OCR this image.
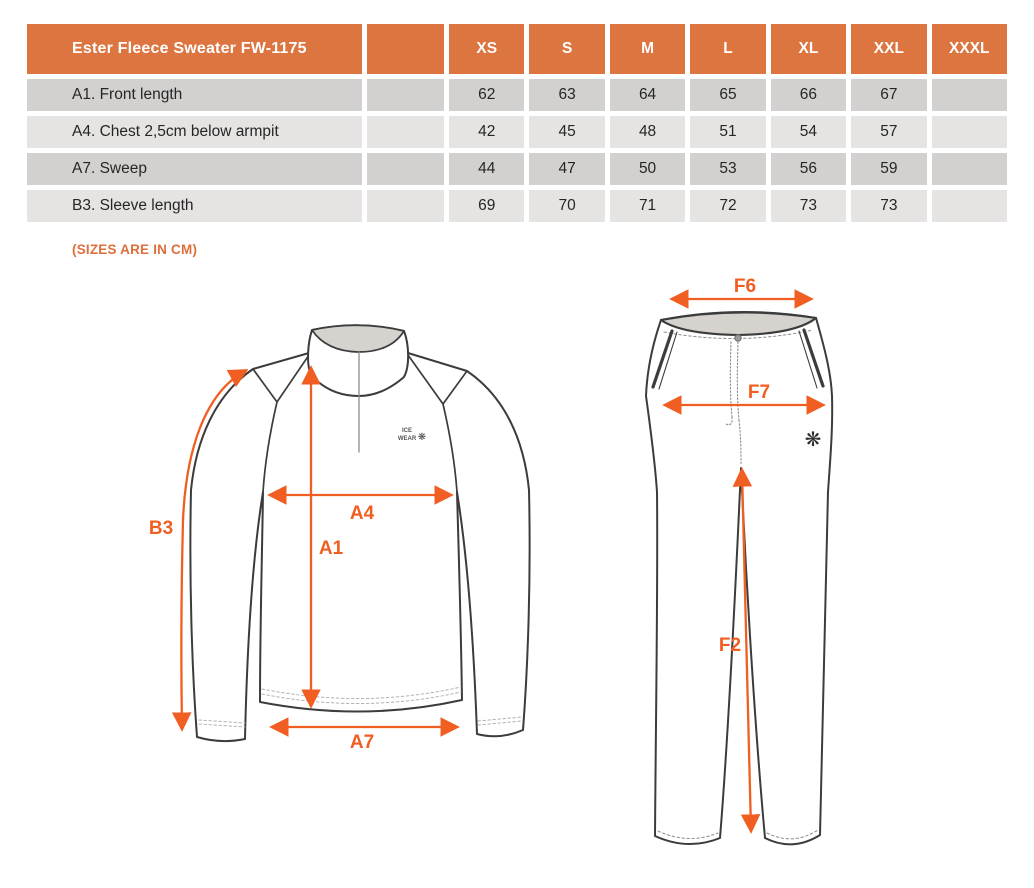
Ester Fleece Sweater FW-1175	XS	S	M	L	XL	XXL	XXXL
A1. Front length	62	63	64	65	66	67
A4. Chest 2,5cm below armpit	42	45	48	51	54	57
A7. Sweep	44	47	50	53	56	59
B3. Sleeve length	69	70	71	72	73	73
(SIZES ARE IN CM)
ICE
WEAR ❋
B3
A1
A4
A7
❋
F6
F7
F2
